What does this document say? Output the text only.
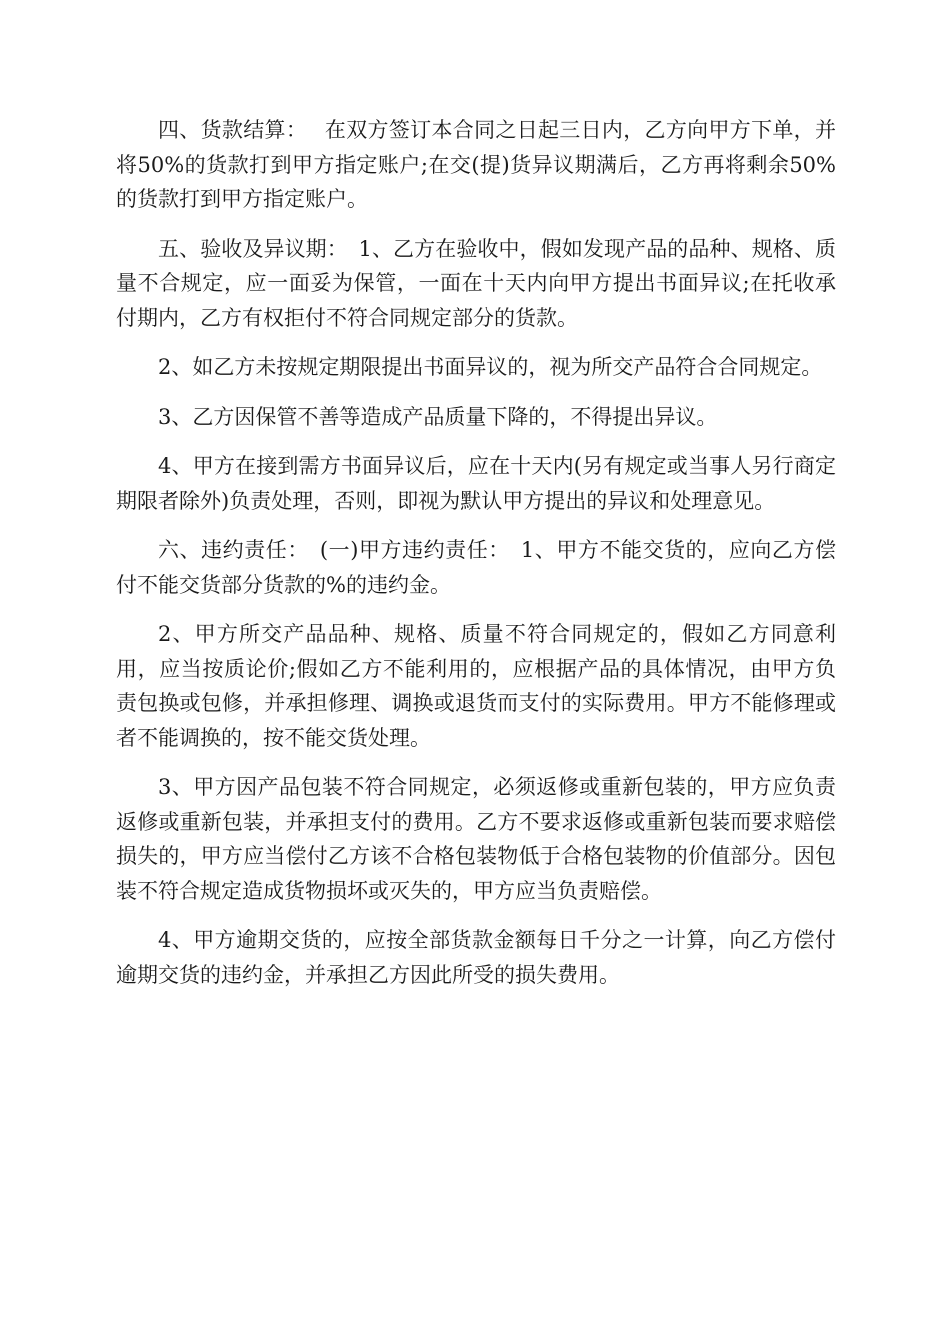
四、货款结算：　 在双方签订本合同之日起三日内，乙方向甲方下单，并将50%的货款打到甲方指定账户;在交(提)货异议期满后，乙方再将剩余50%的货款打到甲方指定账户。

五、验收及异议期：　1、乙方在验收中，假如发现产品的品种、规格、质量不合规定，应一面妥为保管，一面在十天内向甲方提出书面异议;在托收承付期内，乙方有权拒付不符合同规定部分的货款。

2、如乙方未按规定期限提出书面异议的，视为所交产品符合合同规定。

3、乙方因保管不善等造成产品质量下降的，不得提出异议。

4、甲方在接到需方书面异议后，应在十天内(另有规定或当事人另行商定期限者除外)负责处理，否则，即视为默认甲方提出的异议和处理意见。

六、违约责任：　(一)甲方违约责任：　1、甲方不能交货的，应向乙方偿付不能交货部分货款的%的违约金。

2、甲方所交产品品种、规格、质量不符合同规定的，假如乙方同意利用，应当按质论价;假如乙方不能利用的，应根据产品的具体情况，由甲方负责包换或包修，并承担修理、调换或退货而支付的实际费用。甲方不能修理或者不能调换的，按不能交货处理。

3、甲方因产品包装不符合同规定，必须返修或重新包装的，甲方应负责返修或重新包装，并承担支付的费用。乙方不要求返修或重新包装而要求赔偿损失的，甲方应当偿付乙方该不合格包装物低于合格包装物的价值部分。因包装不符合规定造成货物损坏或灭失的，甲方应当负责赔偿。

4、甲方逾期交货的，应按全部货款金额每日千分之一计算，向乙方偿付逾期交货的违约金，并承担乙方因此所受的损失费用。
